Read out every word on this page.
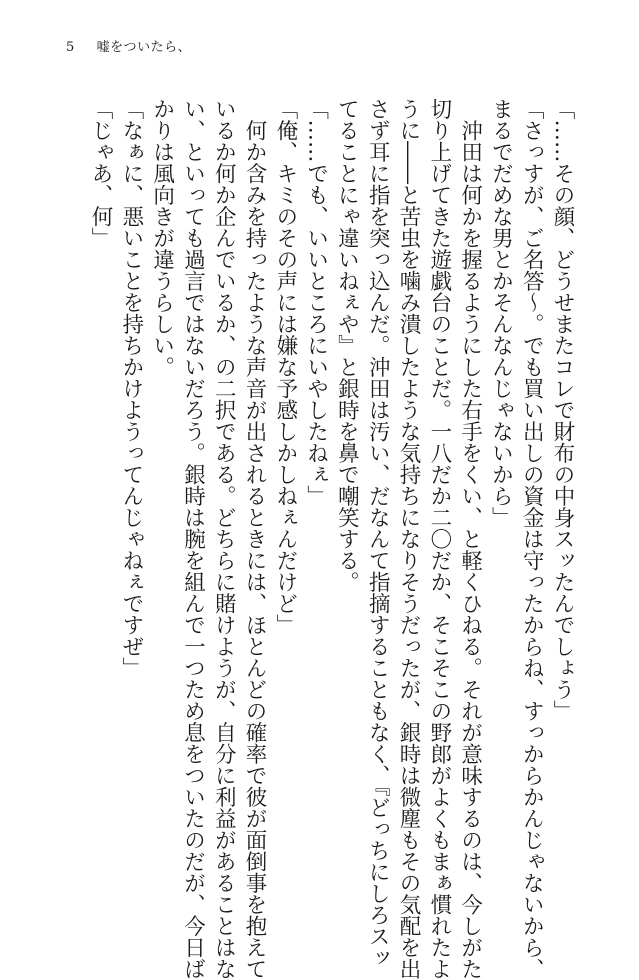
5 嘘をついたら、
「……その顔、どうせまたコレで財布の中身スッたんでしょう」
「さっすが、ご名答〜。でも買い出しの資金は守ったからね、すっからかんじゃないから、
まるでだめな男とかそんなんじゃないから」
　沖田は何かを握るようにした右手をくい、と軽くひねる。それが意味するのは、今しがた
切り上げてきた遊戯台のことだ。一八だか二〇だか、そこそこの野郎がよくもまぁ慣れたよ
うに――と苦虫を噛み潰したような気持ちになりそうだったが、銀時は微塵もその気配を出
さず耳に指を突っ込んだ。沖田は汚い、だなんて指摘することもなく、『どっちにしろスッ
てることにゃ違いねぇや』と銀時を鼻で嘲笑する。
「……でも、いいところにいやしたねぇ」
「俺、キミのその声には嫌な予感しかしねぇんだけど」
　何か含みを持ったような声音が出されるときには、ほとんどの確率で彼が面倒事を抱えて
いるか何か企んでいるか、の二択である。どちらに賭けようが、自分に利益があることはな
い、といっても過言ではないだろう。銀時は腕を組んで一つため息をついたのだが、今日ば
かりは風向きが違うらしい。
「なぁに、悪いことを持ちかけようってんじゃねぇですぜ」
「じゃあ、何」
